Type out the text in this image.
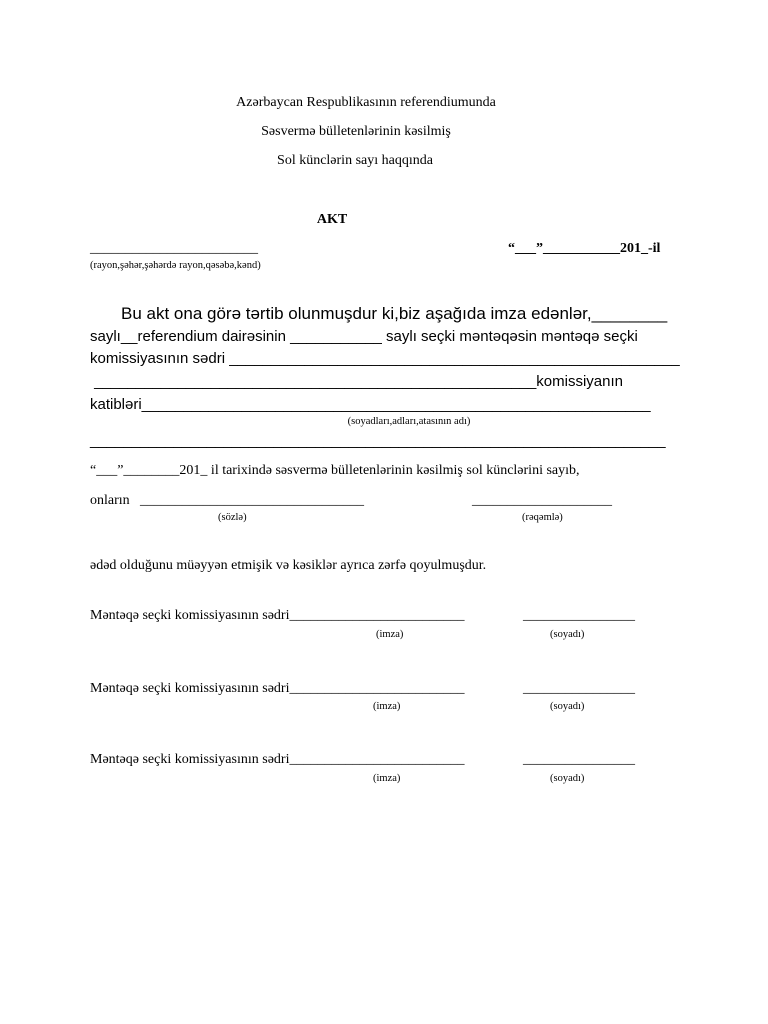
Azərbaycan Respublikasının referendiumunda
Səsvermə bülletenlərinin kəsilmiş
Sol künclərin sayı haqqında
AKT
________________________	“___”___________201_-il
(rayon,şəhər,şəhərdə rayon,qəsəbə,kənd)
Bu akt ona görə tərtib olunmuşdur ki,biz aşağıda imza edənlər,________
saylı__referendium dairəsinin ___________ saylı seçki məntəqəsin məntəqə seçki
komissiyasının sədri ______________________________________________________
_____________________________________________________komissiyanın
katibləri_____________________________________________________________
(soyadları,adları,atasının adı)
_____________________________________________________________________
“___”________201_ il tarixində səsvermə bülletenlərinin kəsilmiş sol künclərini sayıb,
onların ________________________________	____________________
(sözlə)	(rəqəmlə)
ədəd olduğunu müəyyən etmişik və kəsiklər ayrıca zərfə qoyulmuşdur.
Məntəqə seçki komissiyasının sədri_________________________	________________
(imza)	(soyadı)
Məntəqə seçki komissiyasının sədri_________________________	________________
(imza)	(soyadı)
Məntəqə seçki komissiyasının sədri_________________________	________________
(imza)	(soyadı)
